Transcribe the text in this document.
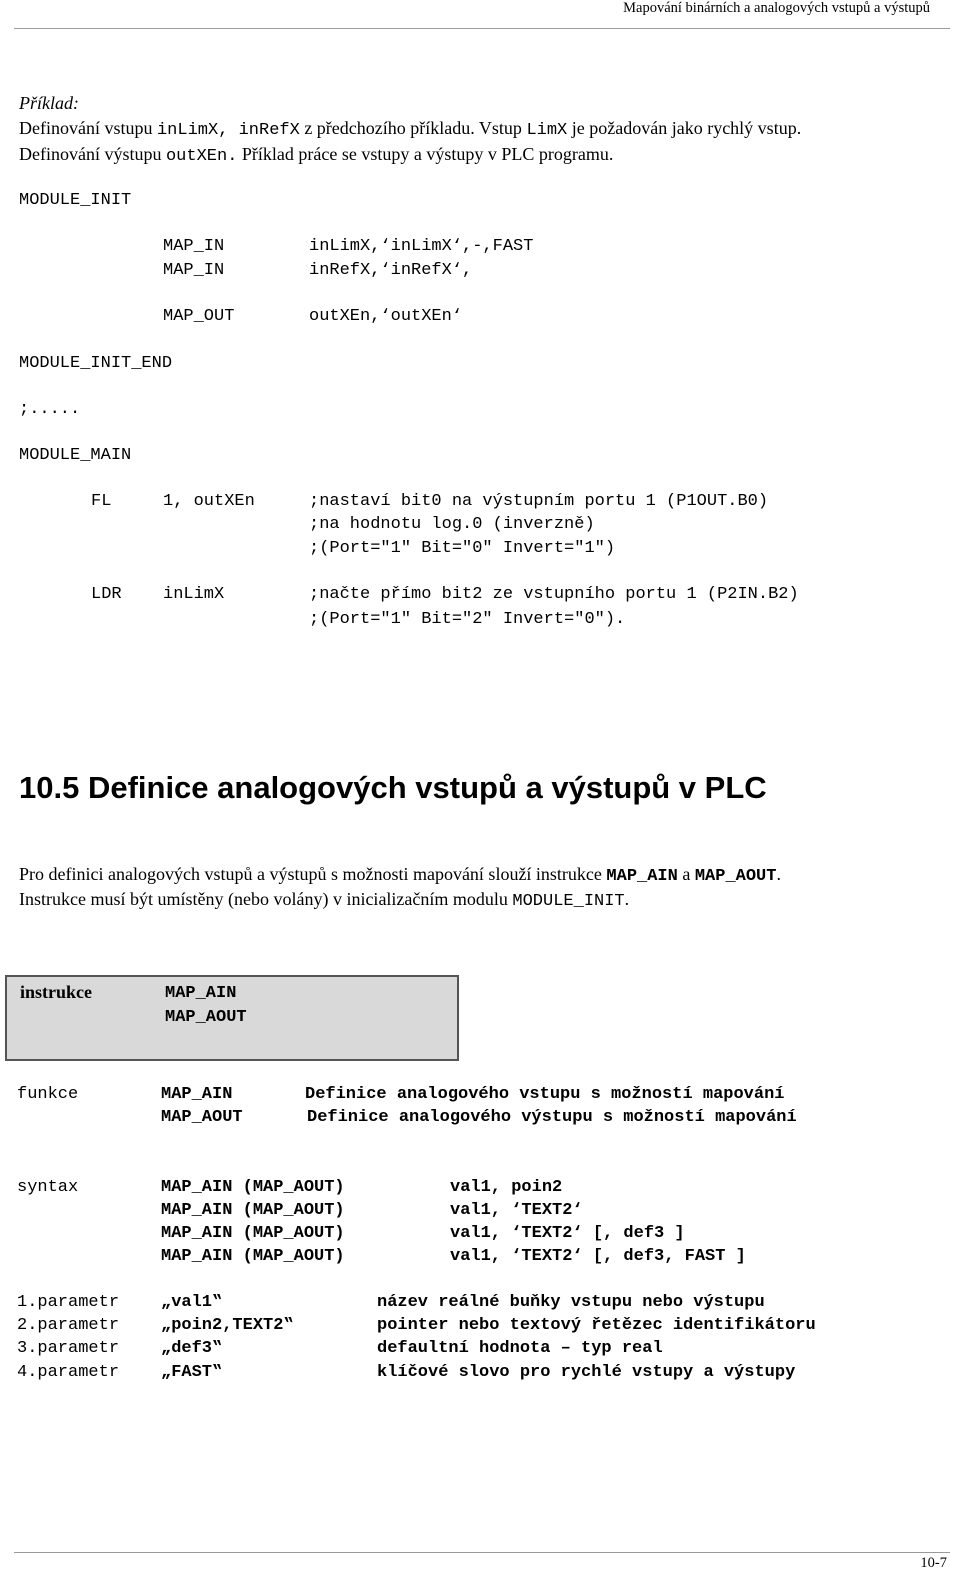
Mapování binárních a analogových vstupů a výstupů
Příklad:
Definování vstupu inLimX, inRefX z předchozího příkladu. Vstup LimX je požadován jako rychlý vstup.
Definování výstupu outXEn. Příklad práce se vstupy a výstupy v PLC programu.
MODULE_INIT
MAP_IN	inLimX,‘inLimX‘,-,FAST
MAP_IN	inRefX,‘inRefX‘,
MAP_OUT	outXEn,‘outXEn‘
MODULE_INIT_END
;.....
MODULE_MAIN
FL	1, outXEn	;nastaví bit0 na výstupním portu 1 (P1OUT.B0)
;na hodnotu log.0 (inverzně)
;(Port="1" Bit="0" Invert="1")
LDR inLimX	;načte přímo bit2 ze vstupního portu 1 (P2IN.B2)
;(Port="1" Bit="2" Invert="0").
10.5 Definice analogových vstupů a výstupů v PLC
Pro definici analogových vstupů a výstupů s možnosti mapování slouží instrukce MAP_AIN a MAP_AOUT.
Instrukce musí být umístěny (nebo volány) v inicializačním modulu MODULE_INIT.
instrukce	MAP_AIN
MAP_AOUT
funkce	MAP_AIN	Definice analogového vstupu s možností mapování
MAP_AOUT	Definice analogového výstupu s možností mapování
syntax	MAP_AIN (MAP_AOUT)	val1, poin2
MAP_AIN (MAP_AOUT)	val1, ‘TEXT2‘
MAP_AIN (MAP_AOUT)	val1, ‘TEXT2‘ [, def3 ]
MAP_AIN (MAP_AOUT)	val1, ‘TEXT2‘ [, def3, FAST ]
1.parametr „val1‟	název reálné buňky vstupu nebo výstupu
2.parametr „poin2,TEXT2‟	pointer nebo textový řetězec identifikátoru
3.parametr „def3‟	defaultní hodnota – typ real
4.parametr „FAST‟	klíčové slovo pro rychlé vstupy a výstupy
10-7
